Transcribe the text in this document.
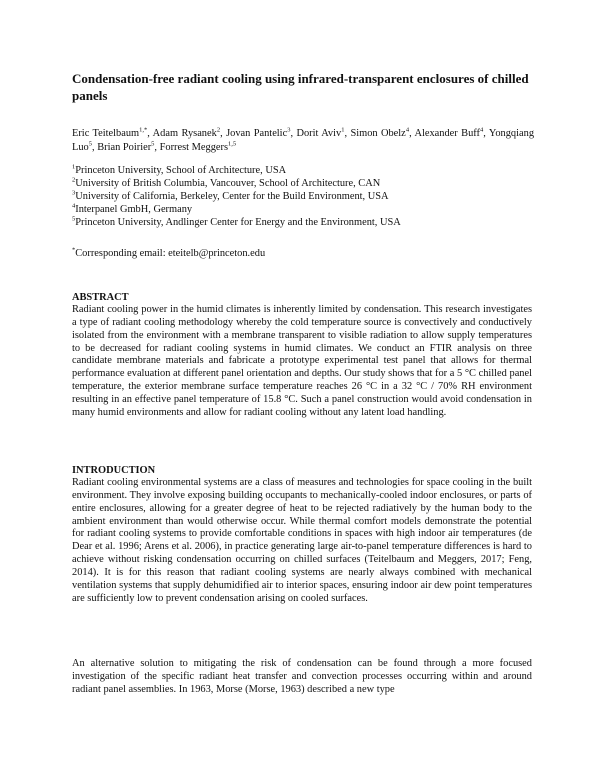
Condensation-free radiant cooling using infrared-transparent enclosures of chilled panels
Eric Teitelbaum$^{1,*}$, Adam Rysanek$^2$, Jovan Pantelic$^3$, Dorit Aviv$^1$, Simon Obelz$^4$, Alexander Buff$^4$, Yongqiang Luo$^5$, Brian Poirier$^5$, Forrest Meggers$^{1,5}$
$^1$Princeton University, School of Architecture, USA
$^2$University of British Columbia, Vancouver, School of Architecture, CAN
$^3$University of California, Berkeley, Center for the Build Environment, USA
$^4$Interpanel GmbH, Germany
$^5$Princeton University, Andlinger Center for Energy and the Environment, USA
*Corresponding email: eteitelb@princeton.edu
ABSTRACT

Radiant cooling power in the humid climates is inherently limited by condensation. This research investigates a type of radiant cooling methodology whereby the cold temperature source is convectively and conductively isolated from the environment with a membrane transparent to visible radiation to allow supply temperatures to be decreased for radiant cooling systems in humid climates. We conduct an FTIR analysis on three candidate membrane materials and fabricate a prototype experimental test panel that allows for thermal performance evaluation at different panel orientation and depths. Our study shows that for a 5 °C chilled panel temperature, the exterior membrane surface temperature reaches 26 °C in a 32 °C / 70% RH environment resulting in an effective panel temperature of 15.8 °C. Such a panel construction would avoid condensation in many humid environments and allow for radiant cooling without any latent load handling.

INTRODUCTION

Radiant cooling environmental systems are a class of measures and technologies for space cooling in the built environment. They involve exposing building occupants to mechanically-cooled indoor enclosures, or parts of entire enclosures, allowing for a greater degree of heat to be rejected radiatively by the human body to the ambient environment than would otherwise occur. While thermal comfort models demonstrate the potential for radiant cooling systems to provide comfortable conditions in spaces with high indoor air temperatures (de Dear et al. 1996; Arens et al. 2006), in practice generating large air-to-panel temperature differences is hard to achieve without risking condensation occurring on chilled surfaces (Teitelbaum and Meggers, 2017; Feng, 2014). It is for this reason that radiant cooling systems are nearly always combined with mechanical ventilation systems that supply dehumidified air to interior spaces, ensuring indoor air dew point temperatures are sufficiently low to prevent condensation arising on cooled surfaces.

An alternative solution to mitigating the risk of condensation can be found through a more focused investigation of the specific radiant heat transfer and convection processes occurring within and around radiant panel assemblies. In 1963, Morse (Morse, 1963) described a new type
